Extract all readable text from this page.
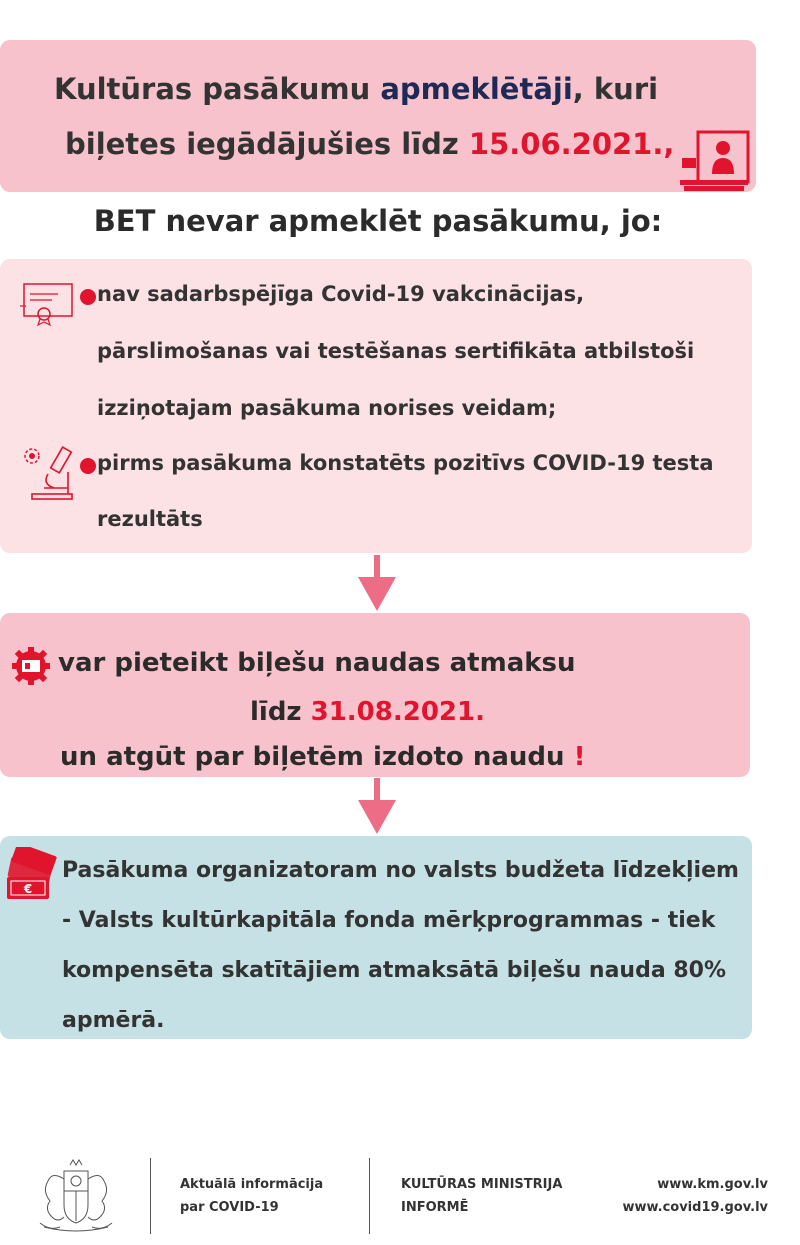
Kultūras pasākumu apmeklētāji, kuri
biļetes iegādājušies līdz 15.06.2021.,
BET nevar apmeklēt pasākumu, jo:
nav sadarbspējīga Covid-19 vakcinācijas,
pārslimošanas vai testēšanas sertifikāta atbilstoši
izziņotajam pasākuma norises veidam;
pirms pasākuma konstatēts pozitīvs COVID-19 testa
rezultāts
var pieteikt biļešu naudas atmaksu
līdz 31.08.2021.
un atgūt par biļetēm izdoto naudu !
€
Pasākuma organizatoram no valsts budžeta līdzekļiem - Valsts kultūrkapitāla fonda mērķprogrammas - tiek kompensēta skatītājiem atmaksātā biļešu nauda 80% apmērā.
Aktuālā informācija
par COVID-19
KULTŪRAS MINISTRIJA
INFORMĒ
www.km.gov.lv
www.covid19.gov.lv
